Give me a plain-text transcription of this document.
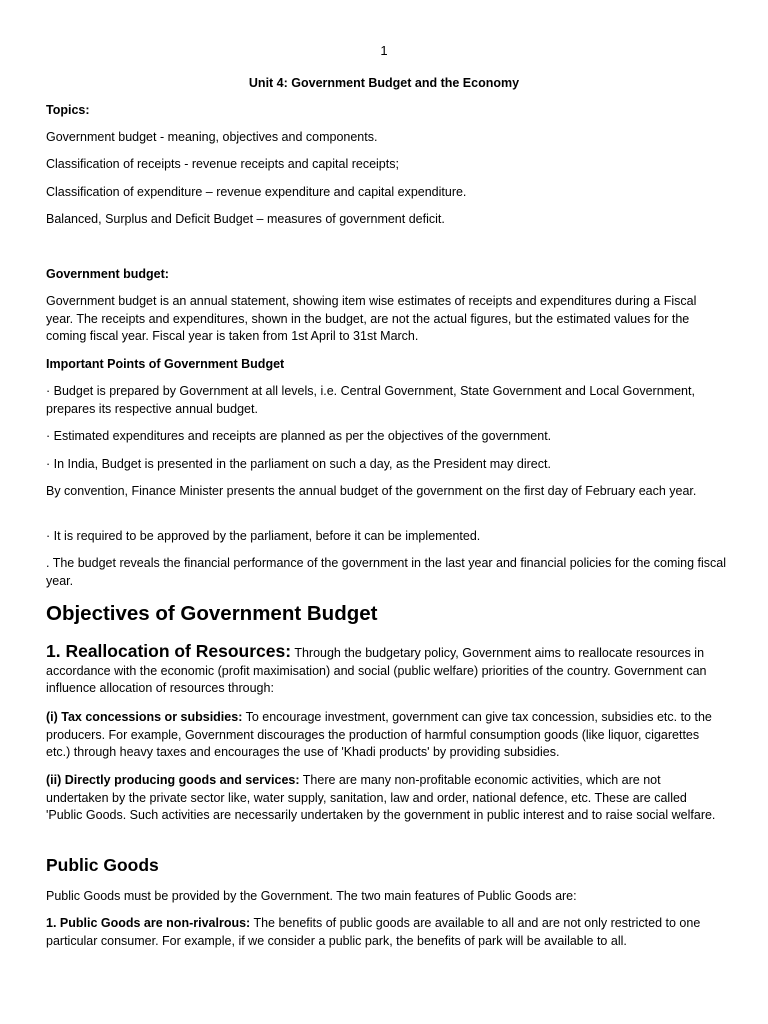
1
Unit 4: Government Budget and the Economy
Topics:
Government budget - meaning, objectives and components.
Classification of receipts - revenue receipts and capital receipts;
Classification of expenditure – revenue expenditure and capital expenditure.
Balanced, Surplus and Deficit Budget – measures of government deficit.
Government budget:
Government budget is an annual statement, showing item wise estimates of receipts and expenditures during a Fiscal year. The receipts and expenditures, shown in the budget, are not the actual figures, but the estimated values for the coming fiscal year. Fiscal year is taken from 1st April to 31st March.
Important Points of Government Budget
· Budget is prepared by Government at all levels, i.e. Central Government, State Government and Local Government, prepares its respective annual budget.
· Estimated expenditures and receipts are planned as per the objectives of the government.
· In India, Budget is presented in the parliament on such a day, as the President may direct.
By convention, Finance Minister presents the annual budget of the government on the first day of February each year.
· It is required to be approved by the parliament, before it can be implemented.
. The budget reveals the financial performance of the government in the last year and financial policies for the coming fiscal year.
Objectives of Government Budget
1. Reallocation of Resources: Through the budgetary policy, Government aims to reallocate resources in accordance with the economic (profit maximisation) and social (public welfare) priorities of the country. Government can influence allocation of resources through:
(i) Tax concessions or subsidies: To encourage investment, government can give tax concession, subsidies etc. to the producers. For example, Government discourages the production of harmful consumption goods (like liquor, cigarettes etc.) through heavy taxes and encourages the use of 'Khadi products' by providing subsidies.
(ii) Directly producing goods and services: There are many non-profitable economic activities, which are not undertaken by the private sector like, water supply, sanitation, law and order, national defence, etc. These are called 'Public Goods. Such activities are necessarily undertaken by the government in public interest and to raise social welfare.
Public Goods
Public Goods must be provided by the Government. The two main features of Public Goods are:
1. Public Goods are non-rivalrous: The benefits of public goods are available to all and are not only restricted to one particular consumer. For example, if we consider a public park, the benefits of park will be available to all.
